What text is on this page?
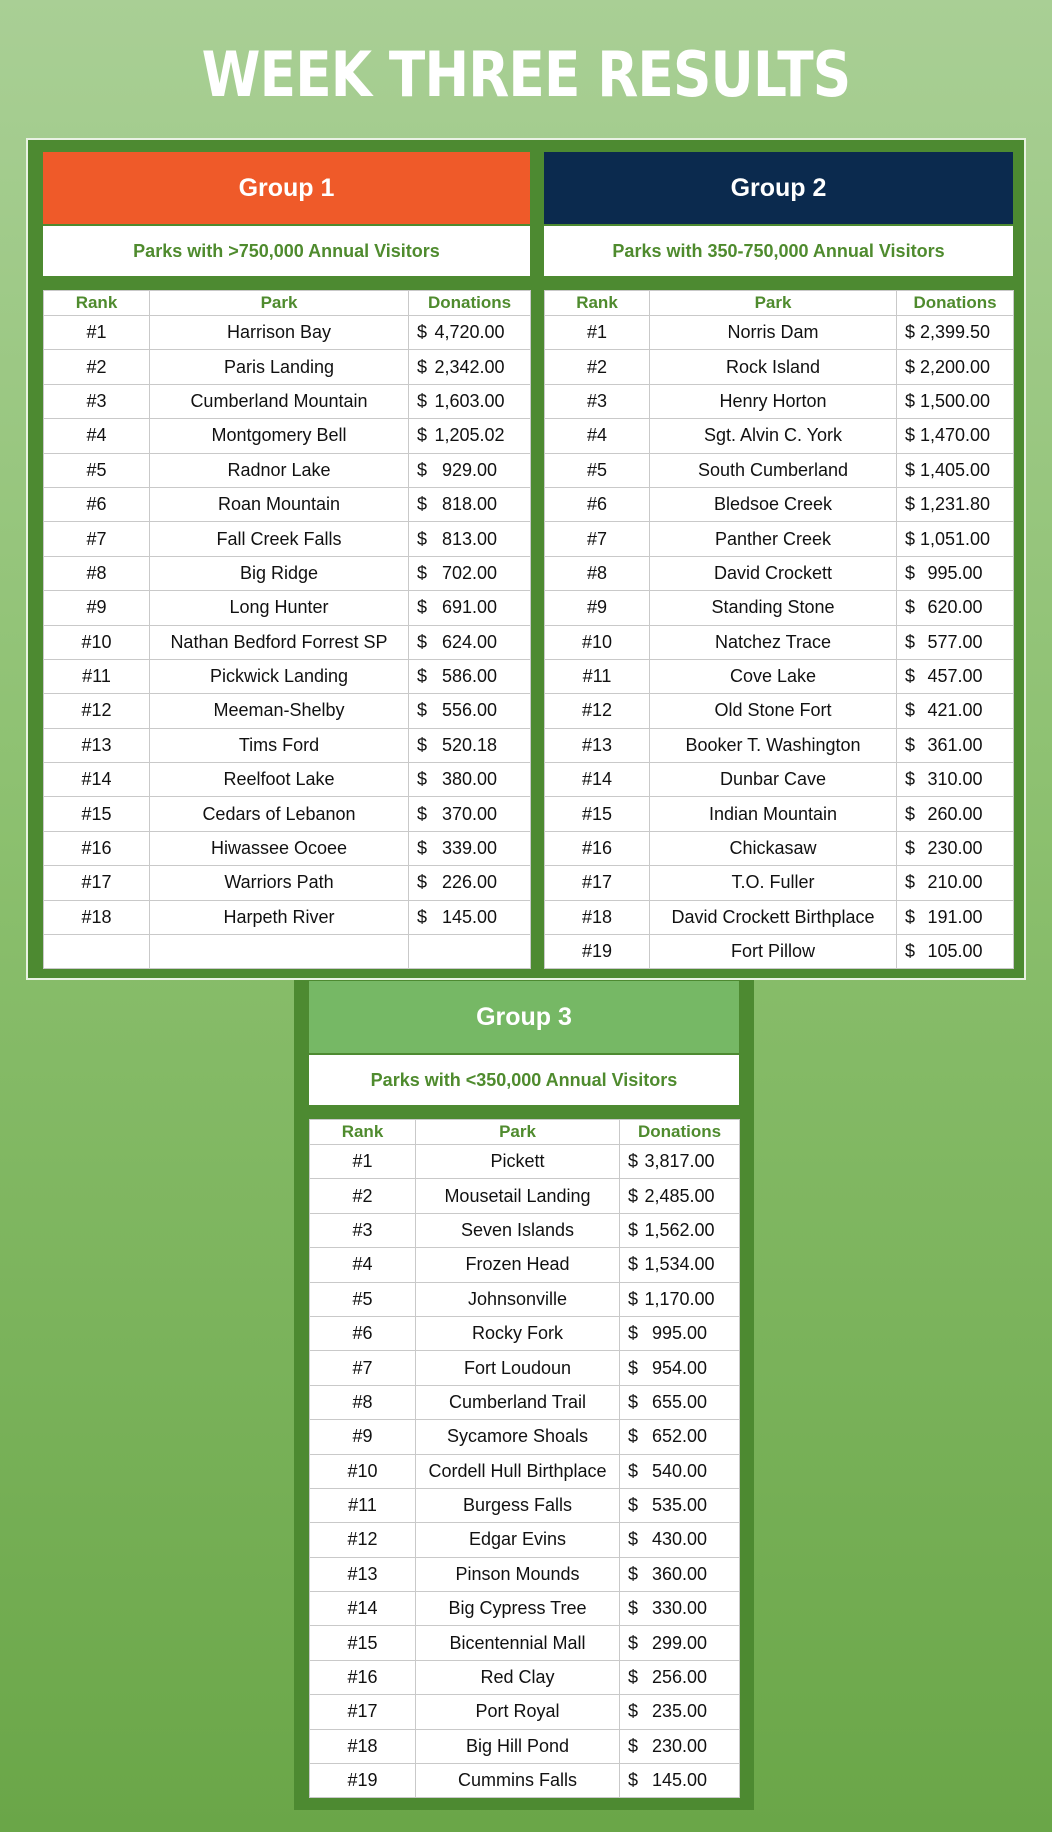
WEEK THREE RESULTS
Group 1
Parks with >750,000 Annual Visitors
Rank	Park	Donations
#1	Harrison Bay	$ 4,720.00
#2	Paris Landing	$ 2,342.00
#3	Cumberland Mountain	$ 1,603.00
#4	Montgomery Bell	$ 1,205.02
#5	Radnor Lake	$ 929.00
#6	Roan Mountain	$ 818.00
#7	Fall Creek Falls	$ 813.00
#8	Big Ridge	$ 702.00
#9	Long Hunter	$ 691.00
#10	Nathan Bedford Forrest SP	$ 624.00
#11	Pickwick Landing	$ 586.00
#12	Meeman-Shelby	$ 556.00
#13	Tims Ford	$ 520.18
#14	Reelfoot Lake	$ 380.00
#15	Cedars of Lebanon	$ 370.00
#16	Hiwassee Ocoee	$ 339.00
#17	Warriors Path	$ 226.00
#18	Harpeth River	$ 145.00

Group 2
Parks with 350-750,000 Annual Visitors
Rank	Park	Donations
#1	Norris Dam	$ 2,399.50
#2	Rock Island	$ 2,200.00
#3	Henry Horton	$ 1,500.00
#4	Sgt. Alvin C. York	$ 1,470.00
#5	South Cumberland	$ 1,405.00
#6	Bledsoe Creek	$ 1,231.80
#7	Panther Creek	$ 1,051.00
#8	David Crockett	$ 995.00
#9	Standing Stone	$ 620.00
#10	Natchez Trace	$ 577.00
#11	Cove Lake	$ 457.00
#12	Old Stone Fort	$ 421.00
#13	Booker T. Washington	$ 361.00
#14	Dunbar Cave	$ 310.00
#15	Indian Mountain	$ 260.00
#16	Chickasaw	$ 230.00
#17	T.O. Fuller	$ 210.00
#18	David Crockett Birthplace	$ 191.00
#19	Fort Pillow	$ 105.00
Group 3
Parks with <350,000 Annual Visitors
Rank	Park	Donations
#1	Pickett	$ 3,817.00
#2	Mousetail Landing	$ 2,485.00
#3	Seven Islands	$ 1,562.00
#4	Frozen Head	$ 1,534.00
#5	Johnsonville	$ 1,170.00
#6	Rocky Fork	$ 995.00
#7	Fort Loudoun	$ 954.00
#8	Cumberland Trail	$ 655.00
#9	Sycamore Shoals	$ 652.00
#10	Cordell Hull Birthplace	$ 540.00
#11	Burgess Falls	$ 535.00
#12	Edgar Evins	$ 430.00
#13	Pinson Mounds	$ 360.00
#14	Big Cypress Tree	$ 330.00
#15	Bicentennial Mall	$ 299.00
#16	Red Clay	$ 256.00
#17	Port Royal	$ 235.00
#18	Big Hill Pond	$ 230.00
#19	Cummins Falls	$ 145.00
